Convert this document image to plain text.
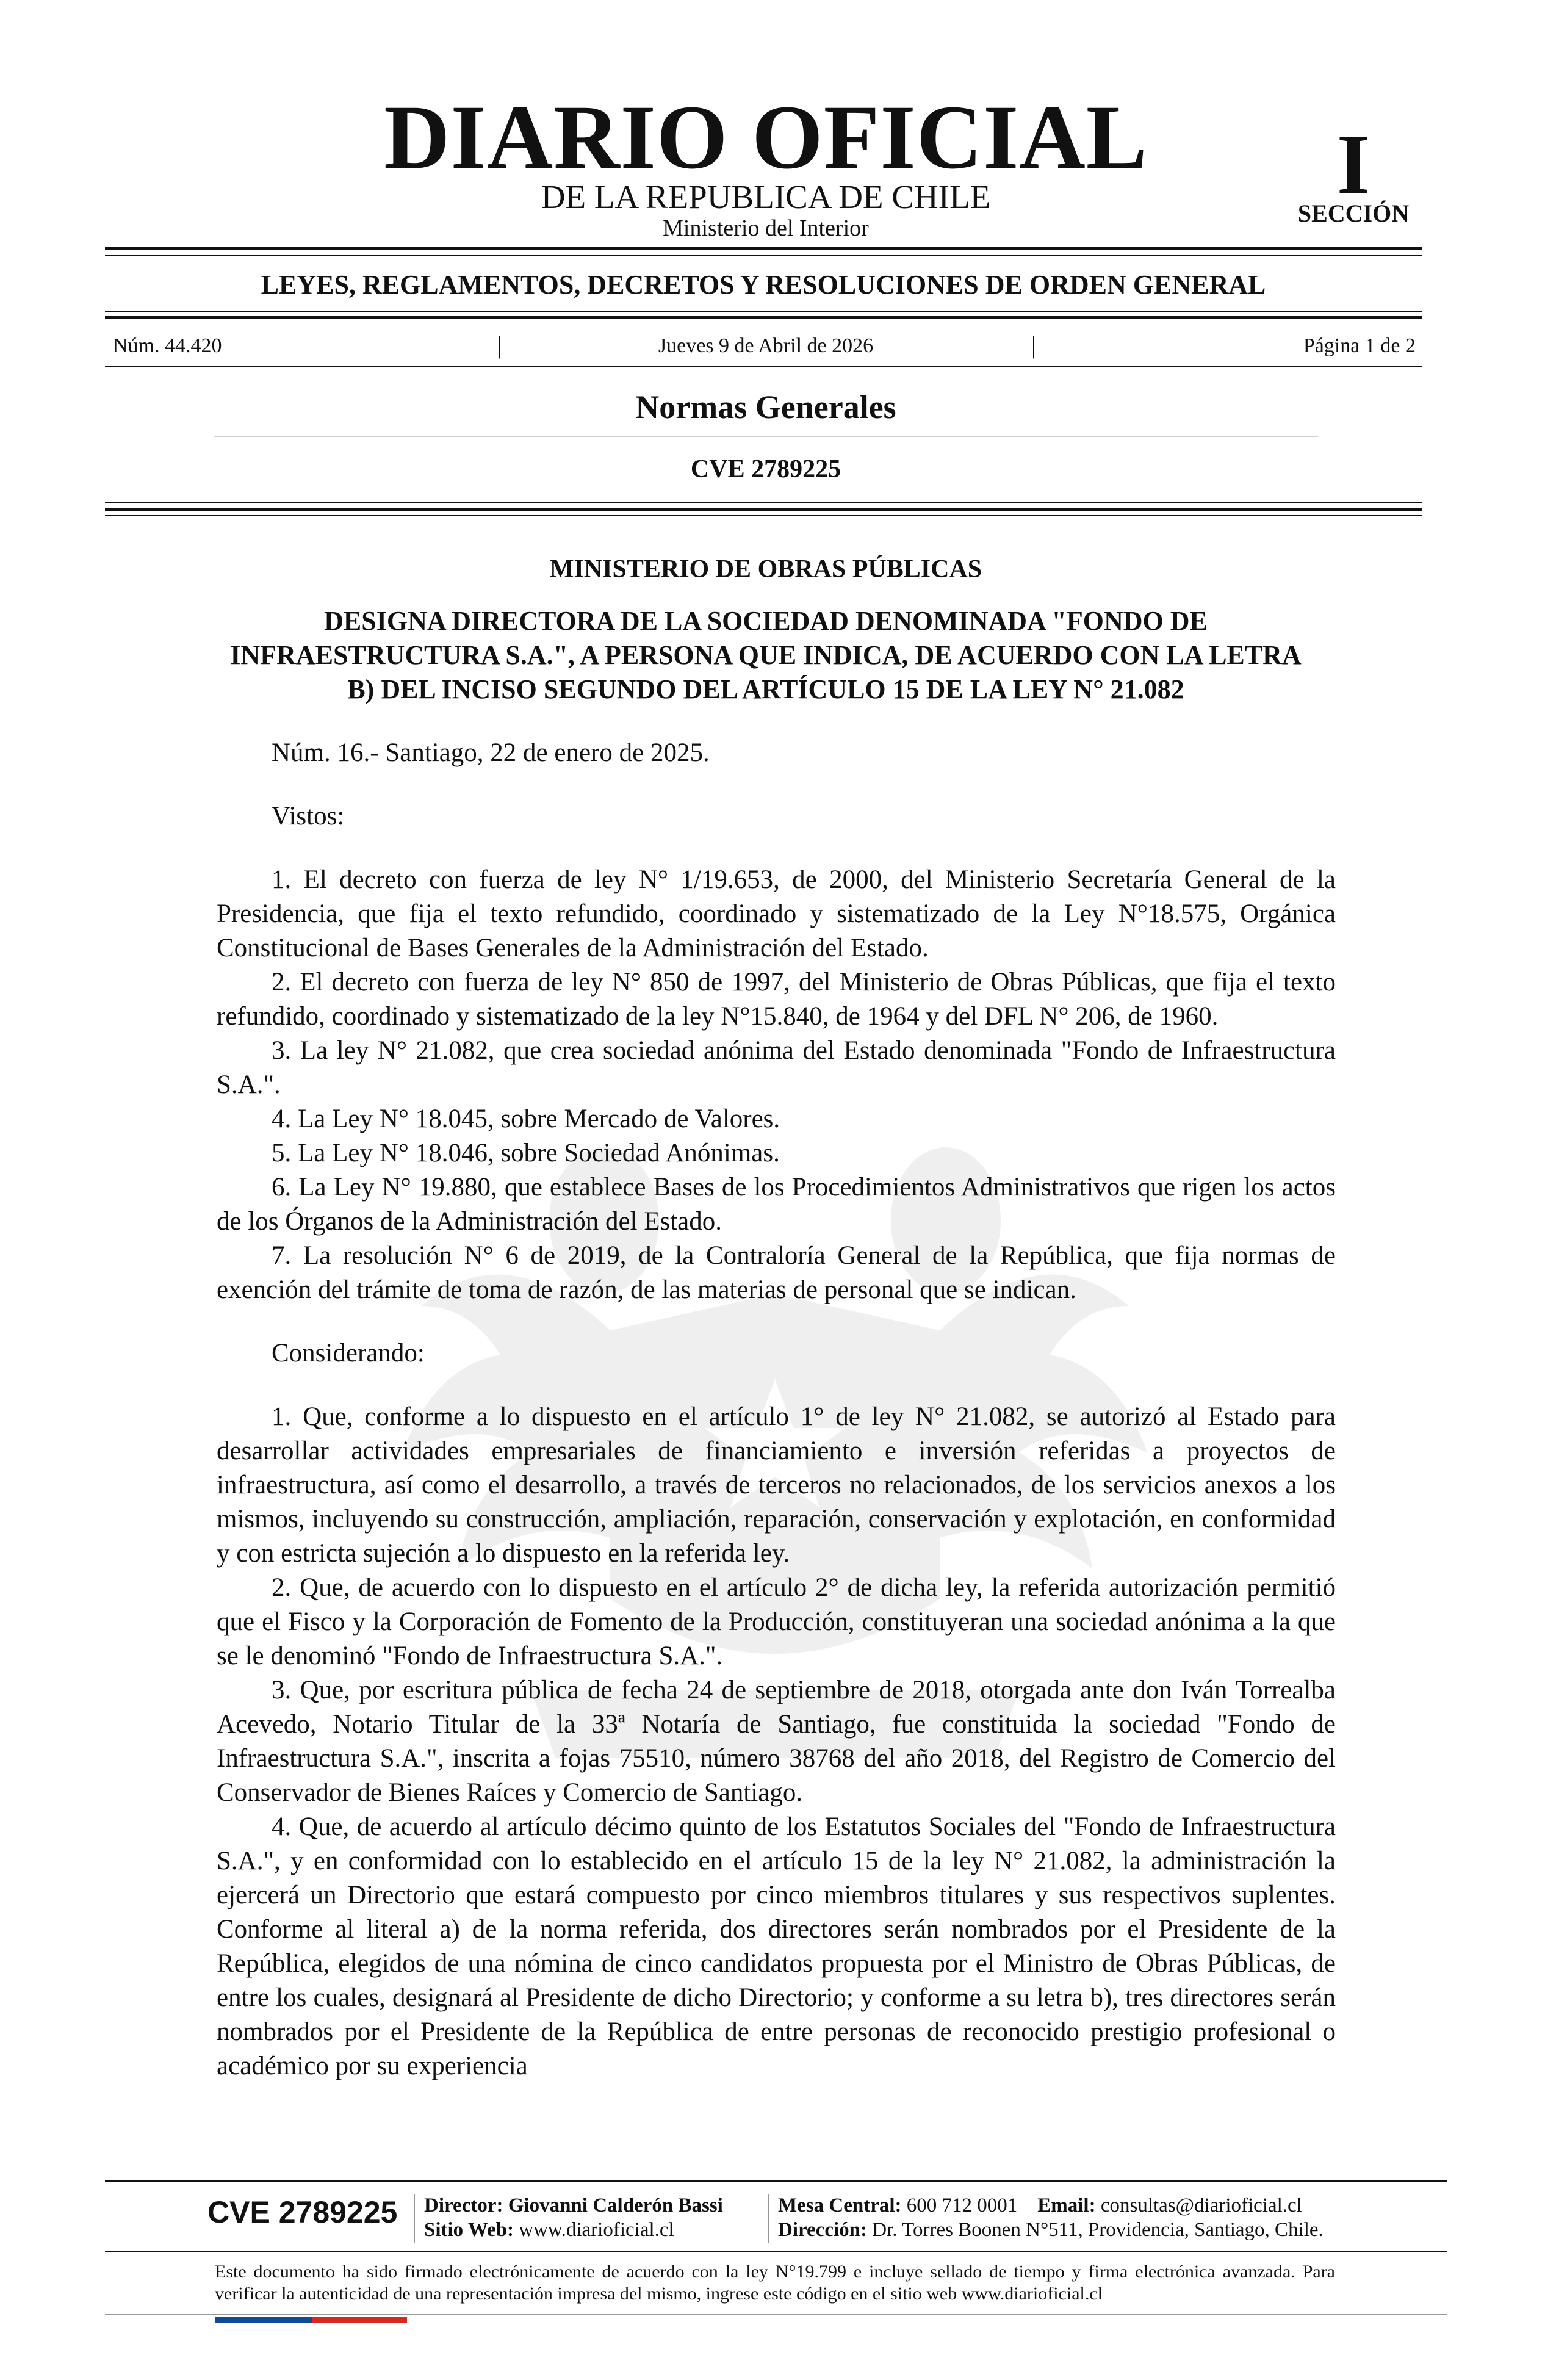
DIARIO OFICIAL
DE LA REPUBLICA DE CHILE
Ministerio del Interior
I
SECCIÓN
LEYES, REGLAMENTOS, DECRETOS Y RESOLUCIONES DE ORDEN GENERAL
Núm. 44.420	|	Jueves 9 de Abril de 2026	|	Página 1 de 2
Normas Generales
CVE 2789225
MINISTERIO DE OBRAS PÚBLICAS
DESIGNA DIRECTORA DE LA SOCIEDAD DENOMINADA "FONDO DE INFRAESTRUCTURA S.A.", A PERSONA QUE INDICA, DE ACUERDO CON LA LETRA B) DEL INCISO SEGUNDO DEL ARTÍCULO 15 DE LA LEY N° 21.082

Núm. 16.- Santiago, 22 de enero de 2025.

Vistos:

1. El decreto con fuerza de ley N° 1/19.653, de 2000, del Ministerio Secretaría General de la Presidencia, que fija el texto refundido, coordinado y sistematizado de la Ley N°18.575, Orgánica Constitucional de Bases Generales de la Administración del Estado.

2. El decreto con fuerza de ley N° 850 de 1997, del Ministerio de Obras Públicas, que fija el texto refundido, coordinado y sistematizado de la ley N°15.840, de 1964 y del DFL N° 206, de 1960.

3. La ley N° 21.082, que crea sociedad anónima del Estado denominada "Fondo de Infraestructura S.A.".

4. La Ley N° 18.045, sobre Mercado de Valores.

5. La Ley N° 18.046, sobre Sociedad Anónimas.

6. La Ley N° 19.880, que establece Bases de los Procedimientos Administrativos que rigen los actos de los Órganos de la Administración del Estado.

7. La resolución N° 6 de 2019, de la Contraloría General de la República, que fija normas de exención del trámite de toma de razón, de las materias de personal que se indican.

Considerando:

1. Que, conforme a lo dispuesto en el artículo 1° de ley N° 21.082, se autorizó al Estado para desarrollar actividades empresariales de financiamiento e inversión referidas a proyectos de infraestructura, así como el desarrollo, a través de terceros no relacionados, de los servicios anexos a los mismos, incluyendo su construcción, ampliación, reparación, conservación y explotación, en conformidad y con estricta sujeción a lo dispuesto en la referida ley.

2. Que, de acuerdo con lo dispuesto en el artículo 2° de dicha ley, la referida autorización permitió que el Fisco y la Corporación de Fomento de la Producción, constituyeran una sociedad anónima a la que se le denominó "Fondo de Infraestructura S.A.".

3. Que, por escritura pública de fecha 24 de septiembre de 2018, otorgada ante don Iván Torrealba Acevedo, Notario Titular de la 33ª Notaría de Santiago, fue constituida la sociedad "Fondo de Infraestructura S.A.", inscrita a fojas 75510, número 38768 del año 2018, del Registro de Comercio del Conservador de Bienes Raíces y Comercio de Santiago.

4. Que, de acuerdo al artículo décimo quinto de los Estatutos Sociales del "Fondo de Infraestructura S.A.", y en conformidad con lo establecido en el artículo 15 de la ley N° 21.082, la administración la ejercerá un Directorio que estará compuesto por cinco miembros titulares y sus respectivos suplentes. Conforme al literal a) de la norma referida, dos directores serán nombrados por el Presidente de la República, elegidos de una nómina de cinco candidatos propuesta por el Ministro de Obras Públicas, de entre los cuales, designará al Presidente de dicho Directorio; y conforme a su letra b), tres directores serán nombrados por el Presidente de la República de entre personas de reconocido prestigio profesional o académico por su experiencia

CVE 2789225 Director: Giovanni Calderón Bassi
Sitio Web: www.diarioficial.cl
Mesa Central: 600 712 0001 Email: consultas@diarioficial.cl
Dirección: Dr. Torres Boonen N°511, Providencia, Santiago, Chile.
Este documento ha sido firmado electrónicamente de acuerdo con la ley N°19.799 e incluye sellado de tiempo y firma electrónica avanzada. Para verificar la autenticidad de una representación impresa del mismo, ingrese este código en el sitio web www.diarioficial.cl
